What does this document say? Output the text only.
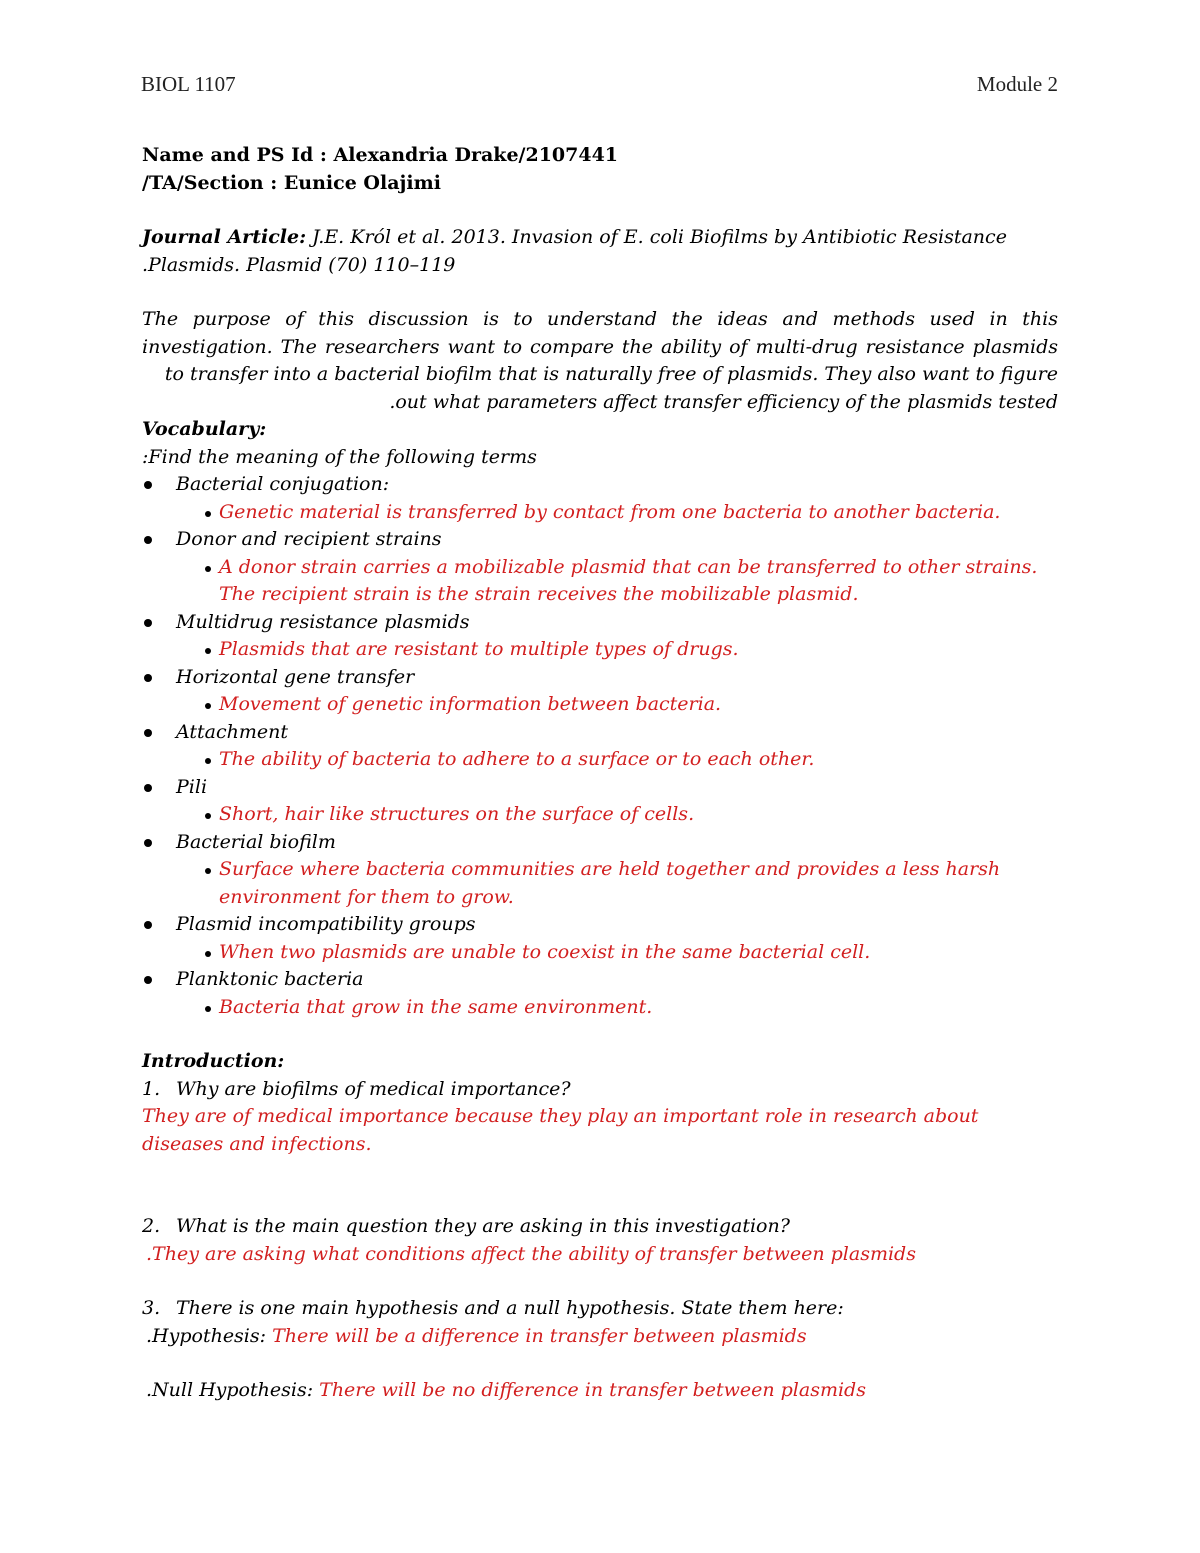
BIOL 1107	Module 2

Name and PS Id : Alexandria Drake/2107441

/TA/Section : Eunice Olajimi

Journal Article: J.E. Król et al. 2013. Invasion of E. coli Biofilms by Antibiotic Resistance

.Plasmids. Plasmid (70) 110–119

The purpose of this discussion is to understand the ideas and methods used in this investigation. The researchers want to compare the ability of multi-drug resistance plasmids to transfer into a bacterial biofilm that is naturally free of plasmids. They also want to figure

.out what parameters affect transfer efficiency of the plasmids tested

Vocabulary:

:Find the meaning of the following terms

Bacterial conjugation:
Genetic material is transferred by contact from one bacteria to another bacteria.
Donor and recipient strains
A donor strain carries a mobilizable plasmid that can be transferred to other strains. The recipient strain is the strain receives the mobilizable plasmid.
Multidrug resistance plasmids
Plasmids that are resistant to multiple types of drugs.
Horizontal gene transfer
Movement of genetic information between bacteria.
Attachment
The ability of bacteria to adhere to a surface or to each other.
Pili
Short, hair like structures on the surface of cells.
Bacterial biofilm
Surface where bacteria communities are held together and provides a less harsh environment for them to grow.
Plasmid incompatibility groups
When two plasmids are unable to coexist in the same bacterial cell.
Planktonic bacteria
Bacteria that grow in the same environment.

Introduction:

1. Why are biofilms of medical importance?

They are of medical importance because they play an important role in research about diseases and infections.

2. What is the main question they are asking in this investigation?

.They are asking what conditions affect the ability of transfer between plasmids

3. There is one main hypothesis and a null hypothesis. State them here:

.Hypothesis: There will be a difference in transfer between plasmids

.Null Hypothesis: There will be no difference in transfer between plasmids
